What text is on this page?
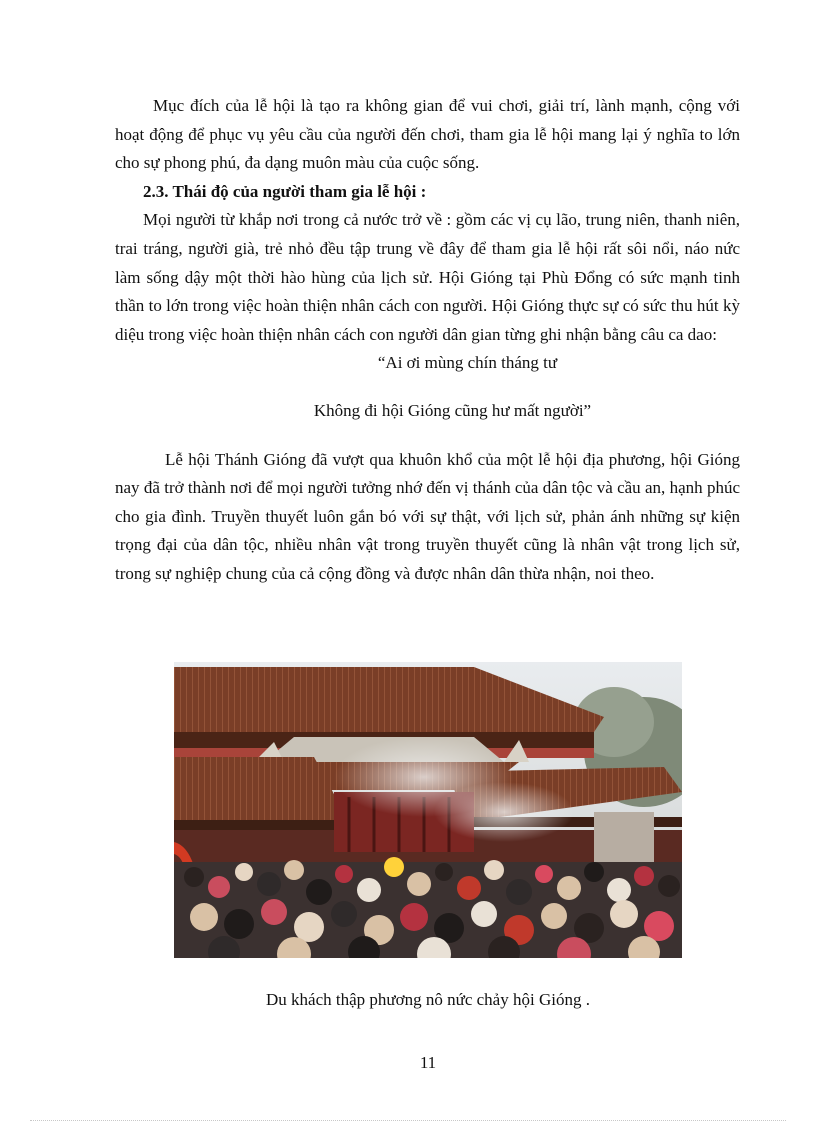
Mục đích của lễ hội là tạo ra không gian để vui chơi, giải trí, lành mạnh, cộng với hoạt động để phục vụ yêu cầu của người đến chơi, tham gia lễ hội mang lại ý nghĩa to lớn cho sự phong phú, đa dạng muôn màu của cuộc sống.

2.3. Thái độ của người tham gia lễ hội :

Mọi người từ khắp nơi trong cả nước trở về : gồm các vị cụ lão, trung niên, thanh niên, trai tráng, người già, trẻ nhỏ đều tập trung về đây để tham gia lễ hội rất sôi nổi, náo nức làm sống dậy một thời hào hùng của lịch sử. Hội Gióng tại Phù Đổng có sức mạnh tinh thần to lớn trong việc hoàn thiện nhân cách con người. Hội Gióng thực sự có sức thu hút kỳ diệu trong việc hoàn thiện nhân cách con người dân gian từng ghi nhận bằng câu ca dao:

“Ai ơi mùng chín tháng tư

Không đi hội Gióng cũng hư mất người”

Lễ hội Thánh Gióng đã vượt qua khuôn khổ của một lễ hội địa phương, hội Gióng nay đã trở thành nơi để mọi người tưởng nhớ đến vị thánh của dân tộc và cầu an, hạnh phúc cho gia đình. Truyền thuyết luôn gắn bó với sự thật, với lịch sử, phản ánh những sự kiện trọng đại của dân tộc, nhiều nhân vật trong truyền thuyết cũng là nhân vật trong lịch sử, trong sự nghiệp chung của cả cộng đồng và được nhân dân thừa nhận, noi theo.

Du khách thập phương nô nức chảy hội Gióng .
11
